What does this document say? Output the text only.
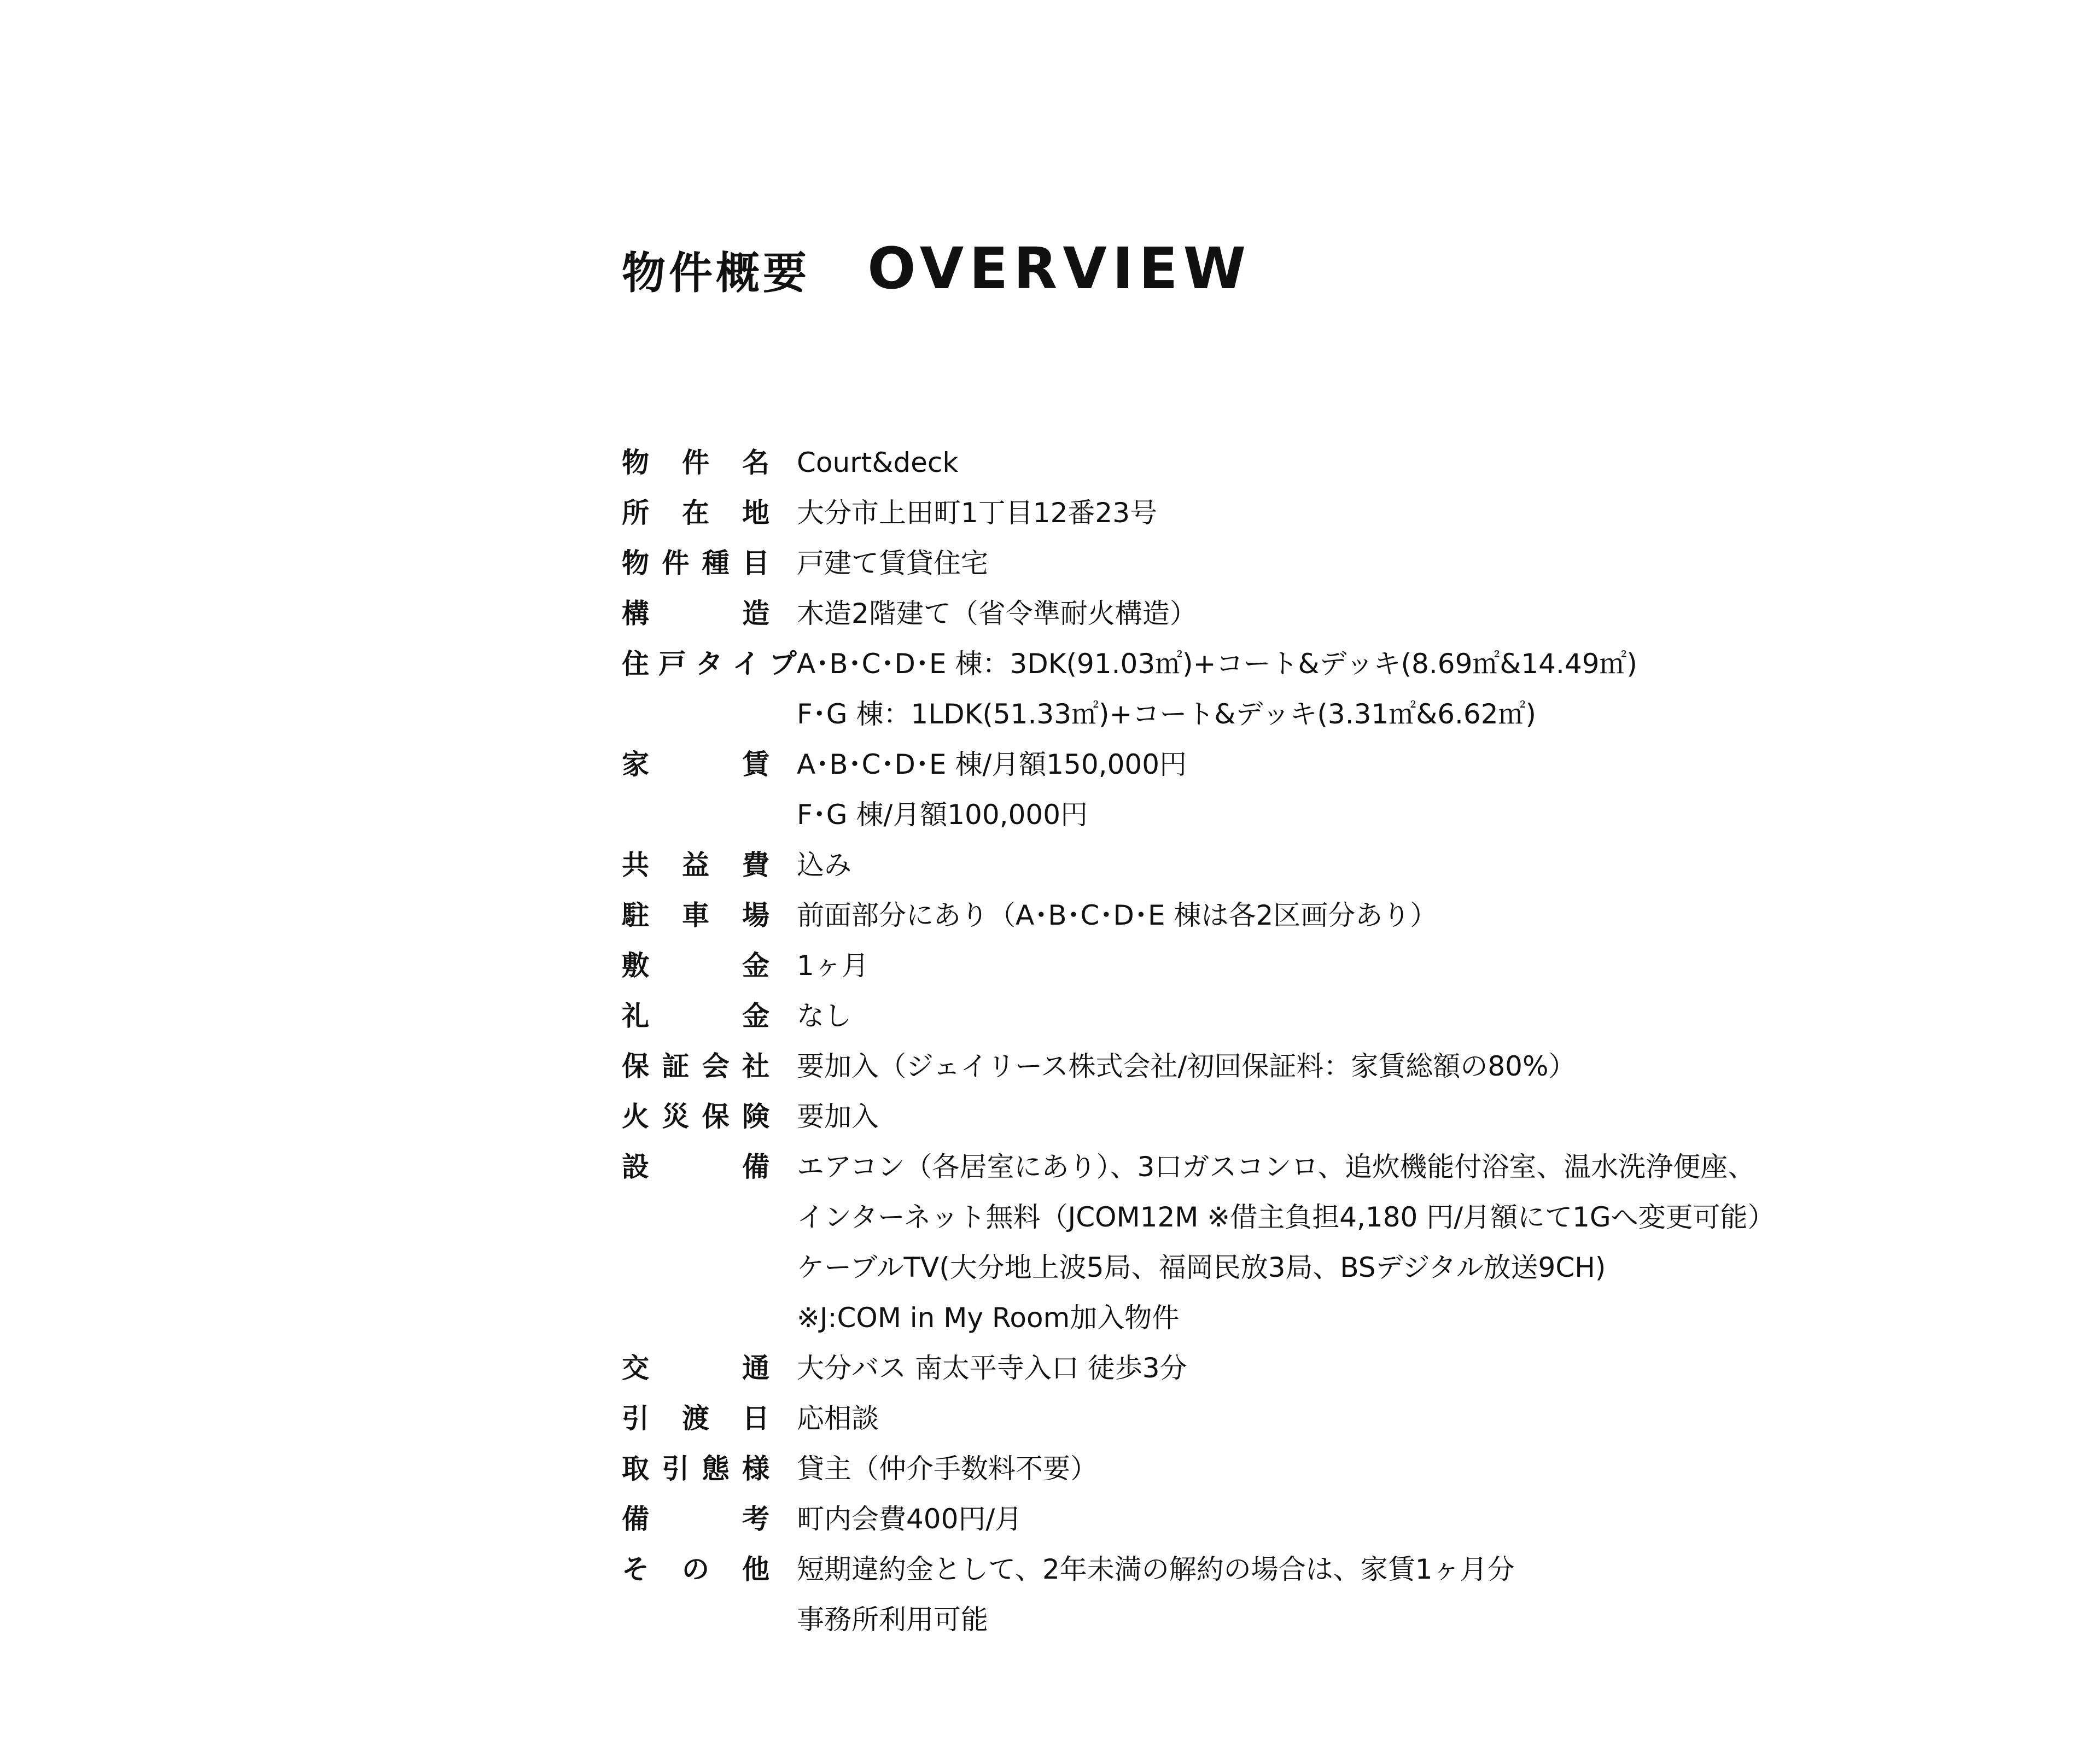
物件概要 OVERVIEW
物 件 名 Court&deck
所 在 地 大分市上田町1丁目12番23号
物 件 種 目 戸建て賃貸住宅
構 造 木造2階建て（省令準耐火構造）
住 戸 タ イ プ A･B･C･D･E 棟：3DK(91.03㎡)+コート&デッキ(8.69㎡&14.49㎡)
F･G 棟：1LDK(51.33㎡)+コート&デッキ(3.31㎡&6.62㎡)
家 賃 A･B･C･D･E 棟/月額150,000円
F･G 棟/月額100,000円
共 益 費 込み
駐 車 場 前面部分にあり（A･B･C･D･E 棟は各2区画分あり）
敷 金 1ヶ月
礼 金 なし
保 証 会 社 要加入（ジェイリース株式会社/初回保証料：家賃総額の80%）
火 災 保 険 要加入
設 備 エアコン（各居室にあり）、3口ガスコンロ、追炊機能付浴室、温水洗浄便座、
インターネット無料（JCOM12M ※借主負担4,180 円/月額にて1Gへ変更可能）
ケーブルTV(大分地上波5局、福岡民放3局、BSデジタル放送9CH)
※J:COM in My Room加入物件
交 通 大分バス 南太平寺入口 徒歩3分
引 渡 日 応相談
取 引 態 様 貸主（仲介手数料不要）
備 考 町内会費400円/月
そ の 他 短期違約金として、2年未満の解約の場合は、家賃1ヶ月分
事務所利用可能
